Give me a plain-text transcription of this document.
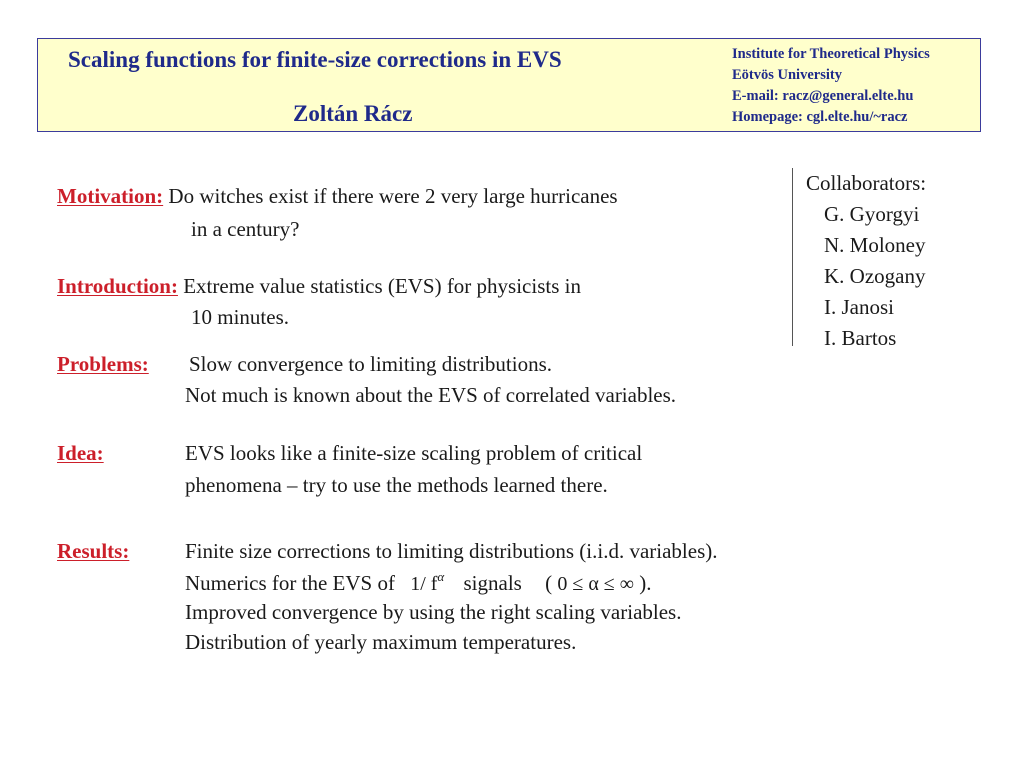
Scaling functions for finite-size corrections in EVS
Zoltán Rácz
Institute for Theoretical Physics
Eötvös University
E-mail: racz@general.elte.hu
Homepage: cgl.elte.hu/~racz
Collaborators:
G. Gyorgyi
N. Moloney
K. Ozogany
I. Janosi
I. Bartos
Motivation: Do witches exist if there were 2 very large hurricanes
in a century?
Introduction: Extreme value statistics (EVS) for physicists in
10 minutes.
Problems: Slow convergence to limiting distributions.
Not much is known about the EVS of correlated variables.
Idea:	EVS looks like a finite-size scaling problem of critical
phenomena – try to use the methods learned there.
Results:	Finite size corrections to limiting distributions (i.i.d. variables).
Numerics for the EVS of 1/ $f^\alpha$ signals ( 0 ≤ α ≤ ∞ ).
Improved convergence by using the right scaling variables.
Distribution of yearly maximum temperatures.
